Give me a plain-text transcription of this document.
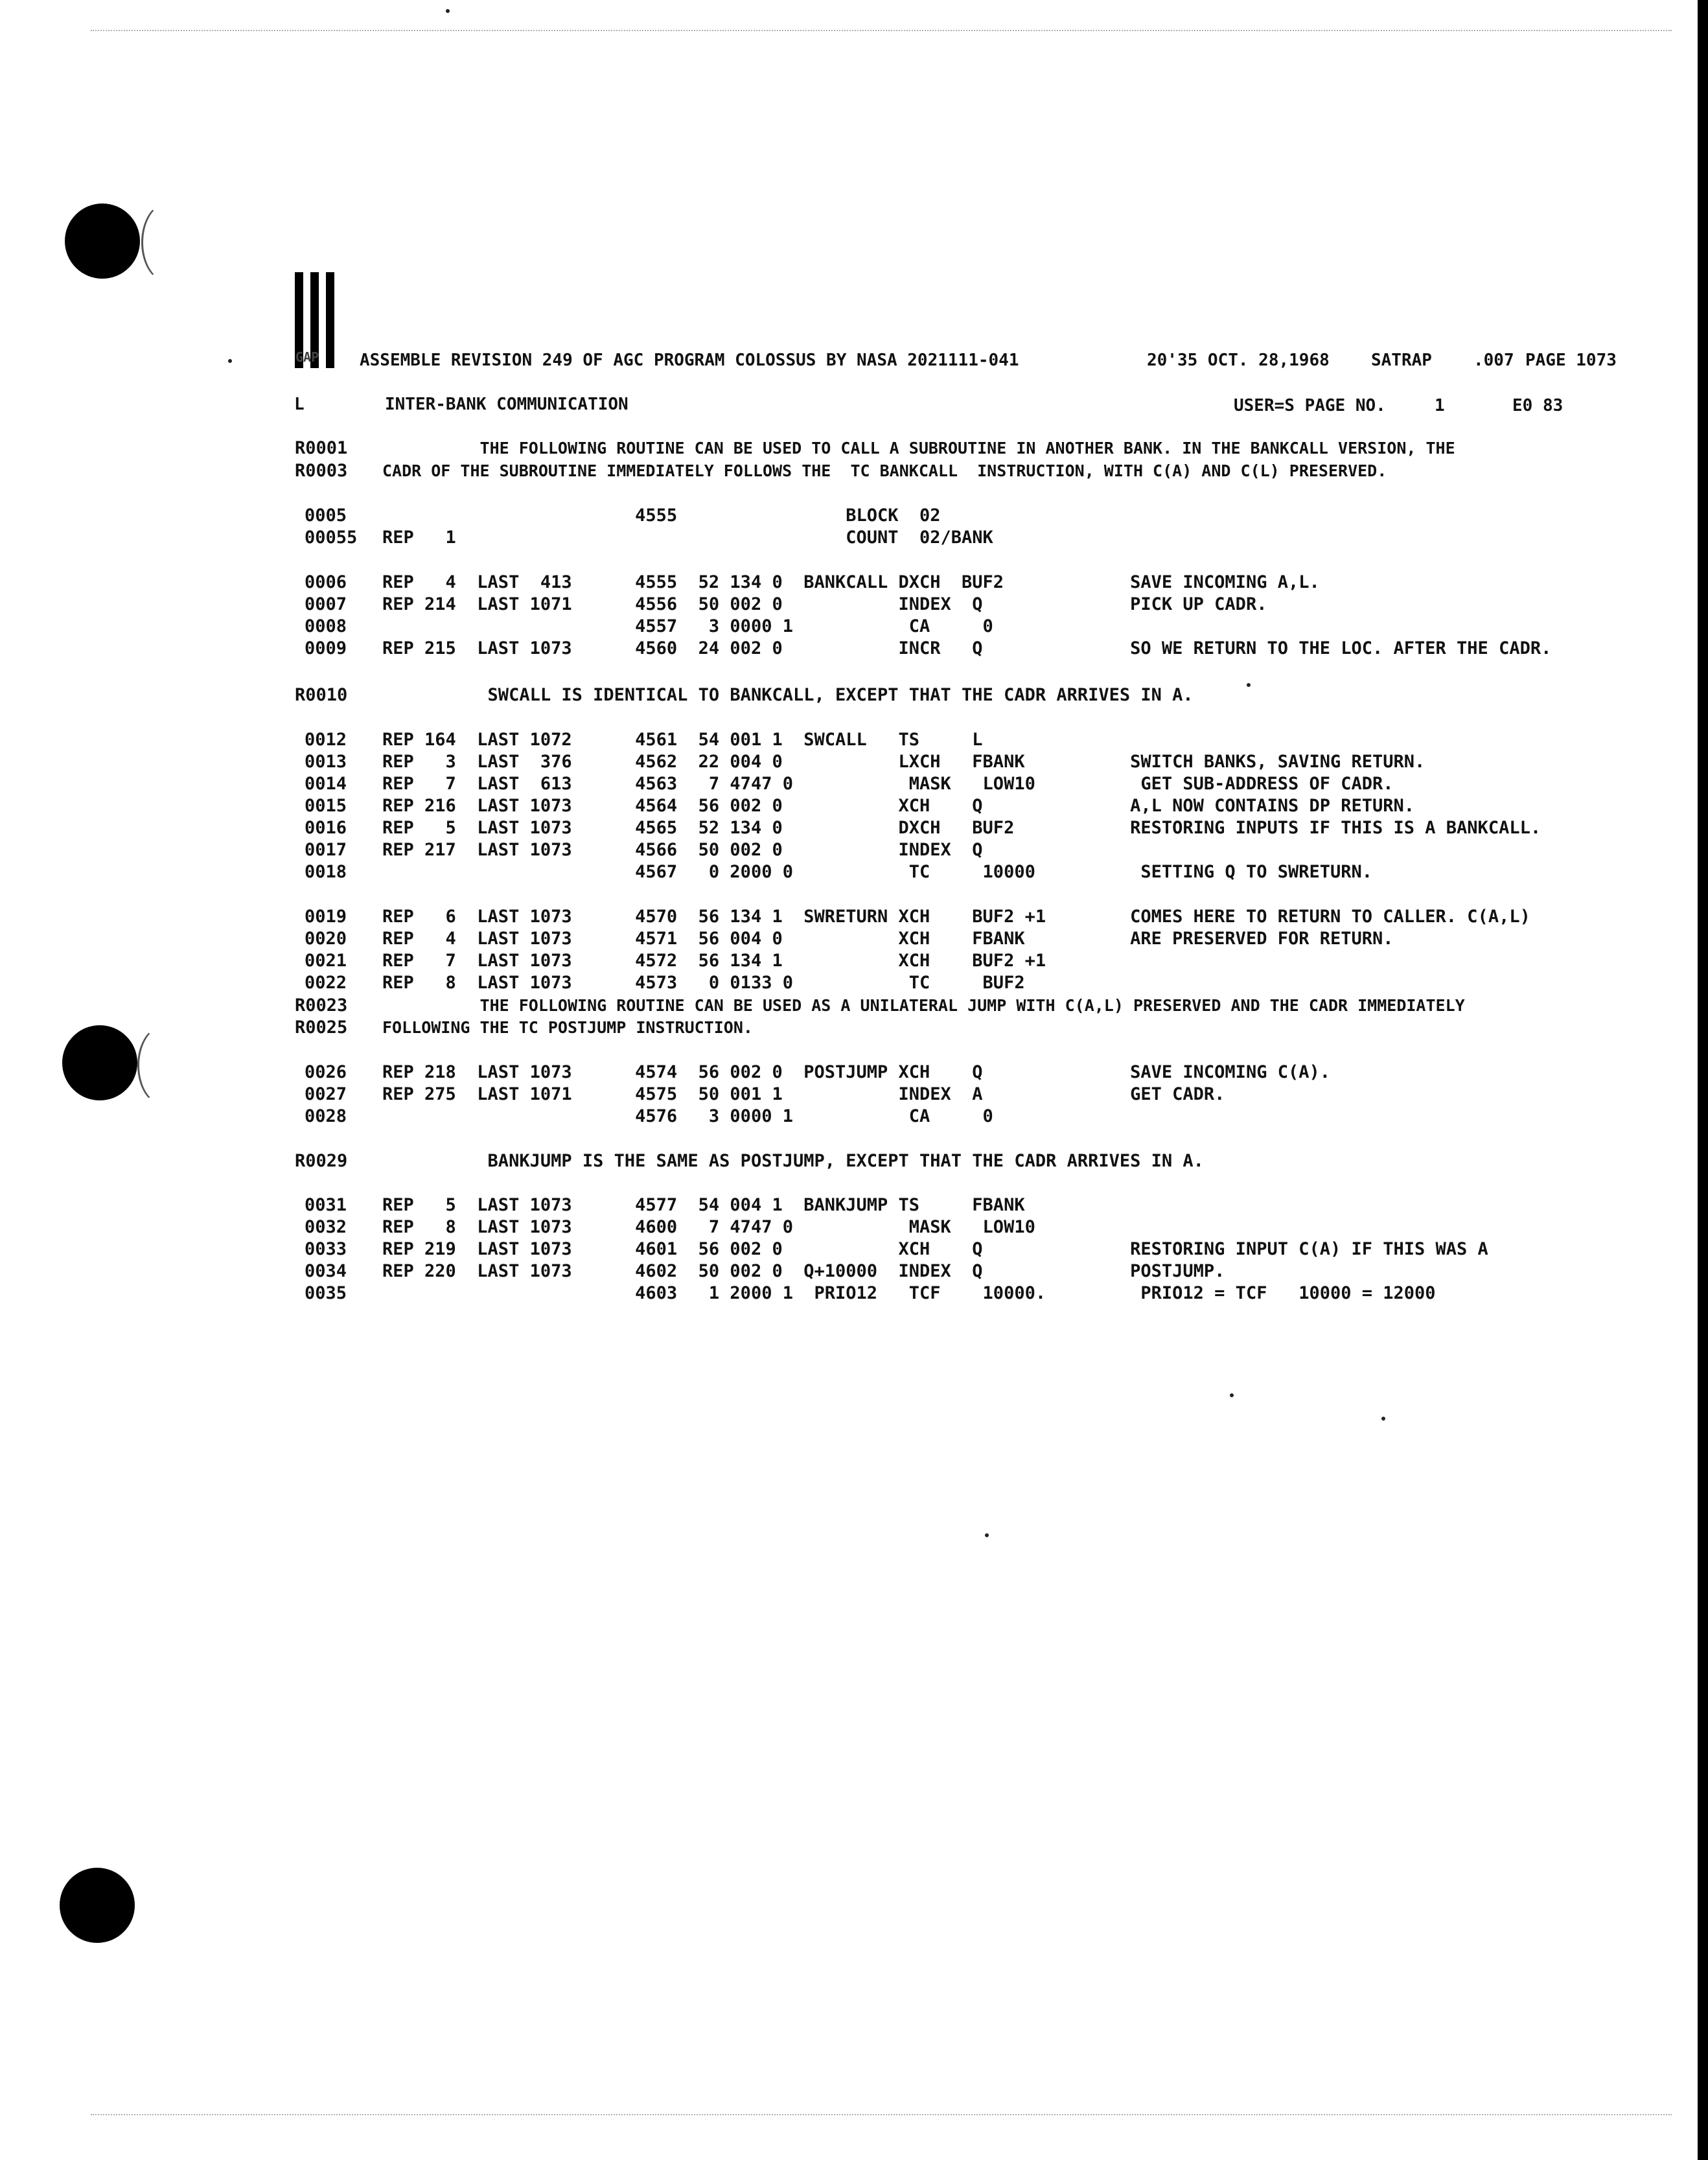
GAP ASSEMBLE REVISION 249 OF AGC PROGRAM COLOSSUS BY NASA 2021111-041	20'35 OCT. 28,1968 SATRAP .007 PAGE 1073
L	INTER-BANK COMMUNICATION	USER=S PAGE NO.	1	E0 83
R0001 THE FOLLOWING ROUTINE CAN BE USED TO CALL A SUBROUTINE IN ANOTHER BANK. IN THE BANKCALL VERSION, THE
R0003 CADR OF THE SUBROUTINE IMMEDIATELY FOLLOWS THE  TC BANKCALL  INSTRUCTION, WITH C(A) AND C(L) PRESERVED.
0005 4555                BLOCK  02
00055 REP   1                                     COUNT  02/BANK
0006 REP   4  LAST  413      4555  52 134 0  BANKCALL DXCH  BUF2            SAVE INCOMING A,L.
0007 REP 214  LAST 1071      4556  50 002 0           INDEX  Q              PICK UP CADR.
0008 4557   3 0000 1           CA     0
0009 REP 215  LAST 1073      4560  24 002 0           INCR   Q              SO WE RETURN TO THE LOC. AFTER THE CADR.
R0010 SWCALL IS IDENTICAL TO BANKCALL, EXCEPT THAT THE CADR ARRIVES IN A.
0012 REP 164  LAST 1072      4561  54 001 1  SWCALL   TS     L
0013 REP   3  LAST  376      4562  22 004 0           LXCH   FBANK          SWITCH BANKS, SAVING RETURN.
0014 REP   7  LAST  613      4563   7 4747 0           MASK   LOW10          GET SUB-ADDRESS OF CADR.
0015 REP 216  LAST 1073      4564  56 002 0           XCH    Q              A,L NOW CONTAINS DP RETURN.
0016 REP   5  LAST 1073      4565  52 134 0           DXCH   BUF2           RESTORING INPUTS IF THIS IS A BANKCALL.
0017 REP 217  LAST 1073      4566  50 002 0           INDEX  Q
0018 4567   0 2000 0           TC     10000          SETTING Q TO SWRETURN.
0019 REP   6  LAST 1073      4570  56 134 1  SWRETURN XCH    BUF2 +1        COMES HERE TO RETURN TO CALLER. C(A,L)
0020 REP   4  LAST 1073      4571  56 004 0           XCH    FBANK          ARE PRESERVED FOR RETURN.
0021 REP   7  LAST 1073      4572  56 134 1           XCH    BUF2 +1
0022 REP   8  LAST 1073      4573   0 0133 0           TC     BUF2
R0023 THE FOLLOWING ROUTINE CAN BE USED AS A UNILATERAL JUMP WITH C(A,L) PRESERVED AND THE CADR IMMEDIATELY
R0025 FOLLOWING THE TC POSTJUMP INSTRUCTION.
0026 REP 218  LAST 1073      4574  56 002 0  POSTJUMP XCH    Q              SAVE INCOMING C(A).
0027 REP 275  LAST 1071      4575  50 001 1           INDEX  A              GET CADR.
0028 4576   3 0000 1           CA     0
R0029 BANKJUMP IS THE SAME AS POSTJUMP, EXCEPT THAT THE CADR ARRIVES IN A.
0031 REP   5  LAST 1073      4577  54 004 1  BANKJUMP TS     FBANK
0032 REP   8  LAST 1073      4600   7 4747 0           MASK   LOW10
0033 REP 219  LAST 1073      4601  56 002 0           XCH    Q              RESTORING INPUT C(A) IF THIS WAS A
0034 REP 220  LAST 1073      4602  50 002 0  Q+10000  INDEX  Q              POSTJUMP.
0035 4603   1 2000 1  PRIO12   TCF    10000.         PRIO12 = TCF   10000 = 12000
